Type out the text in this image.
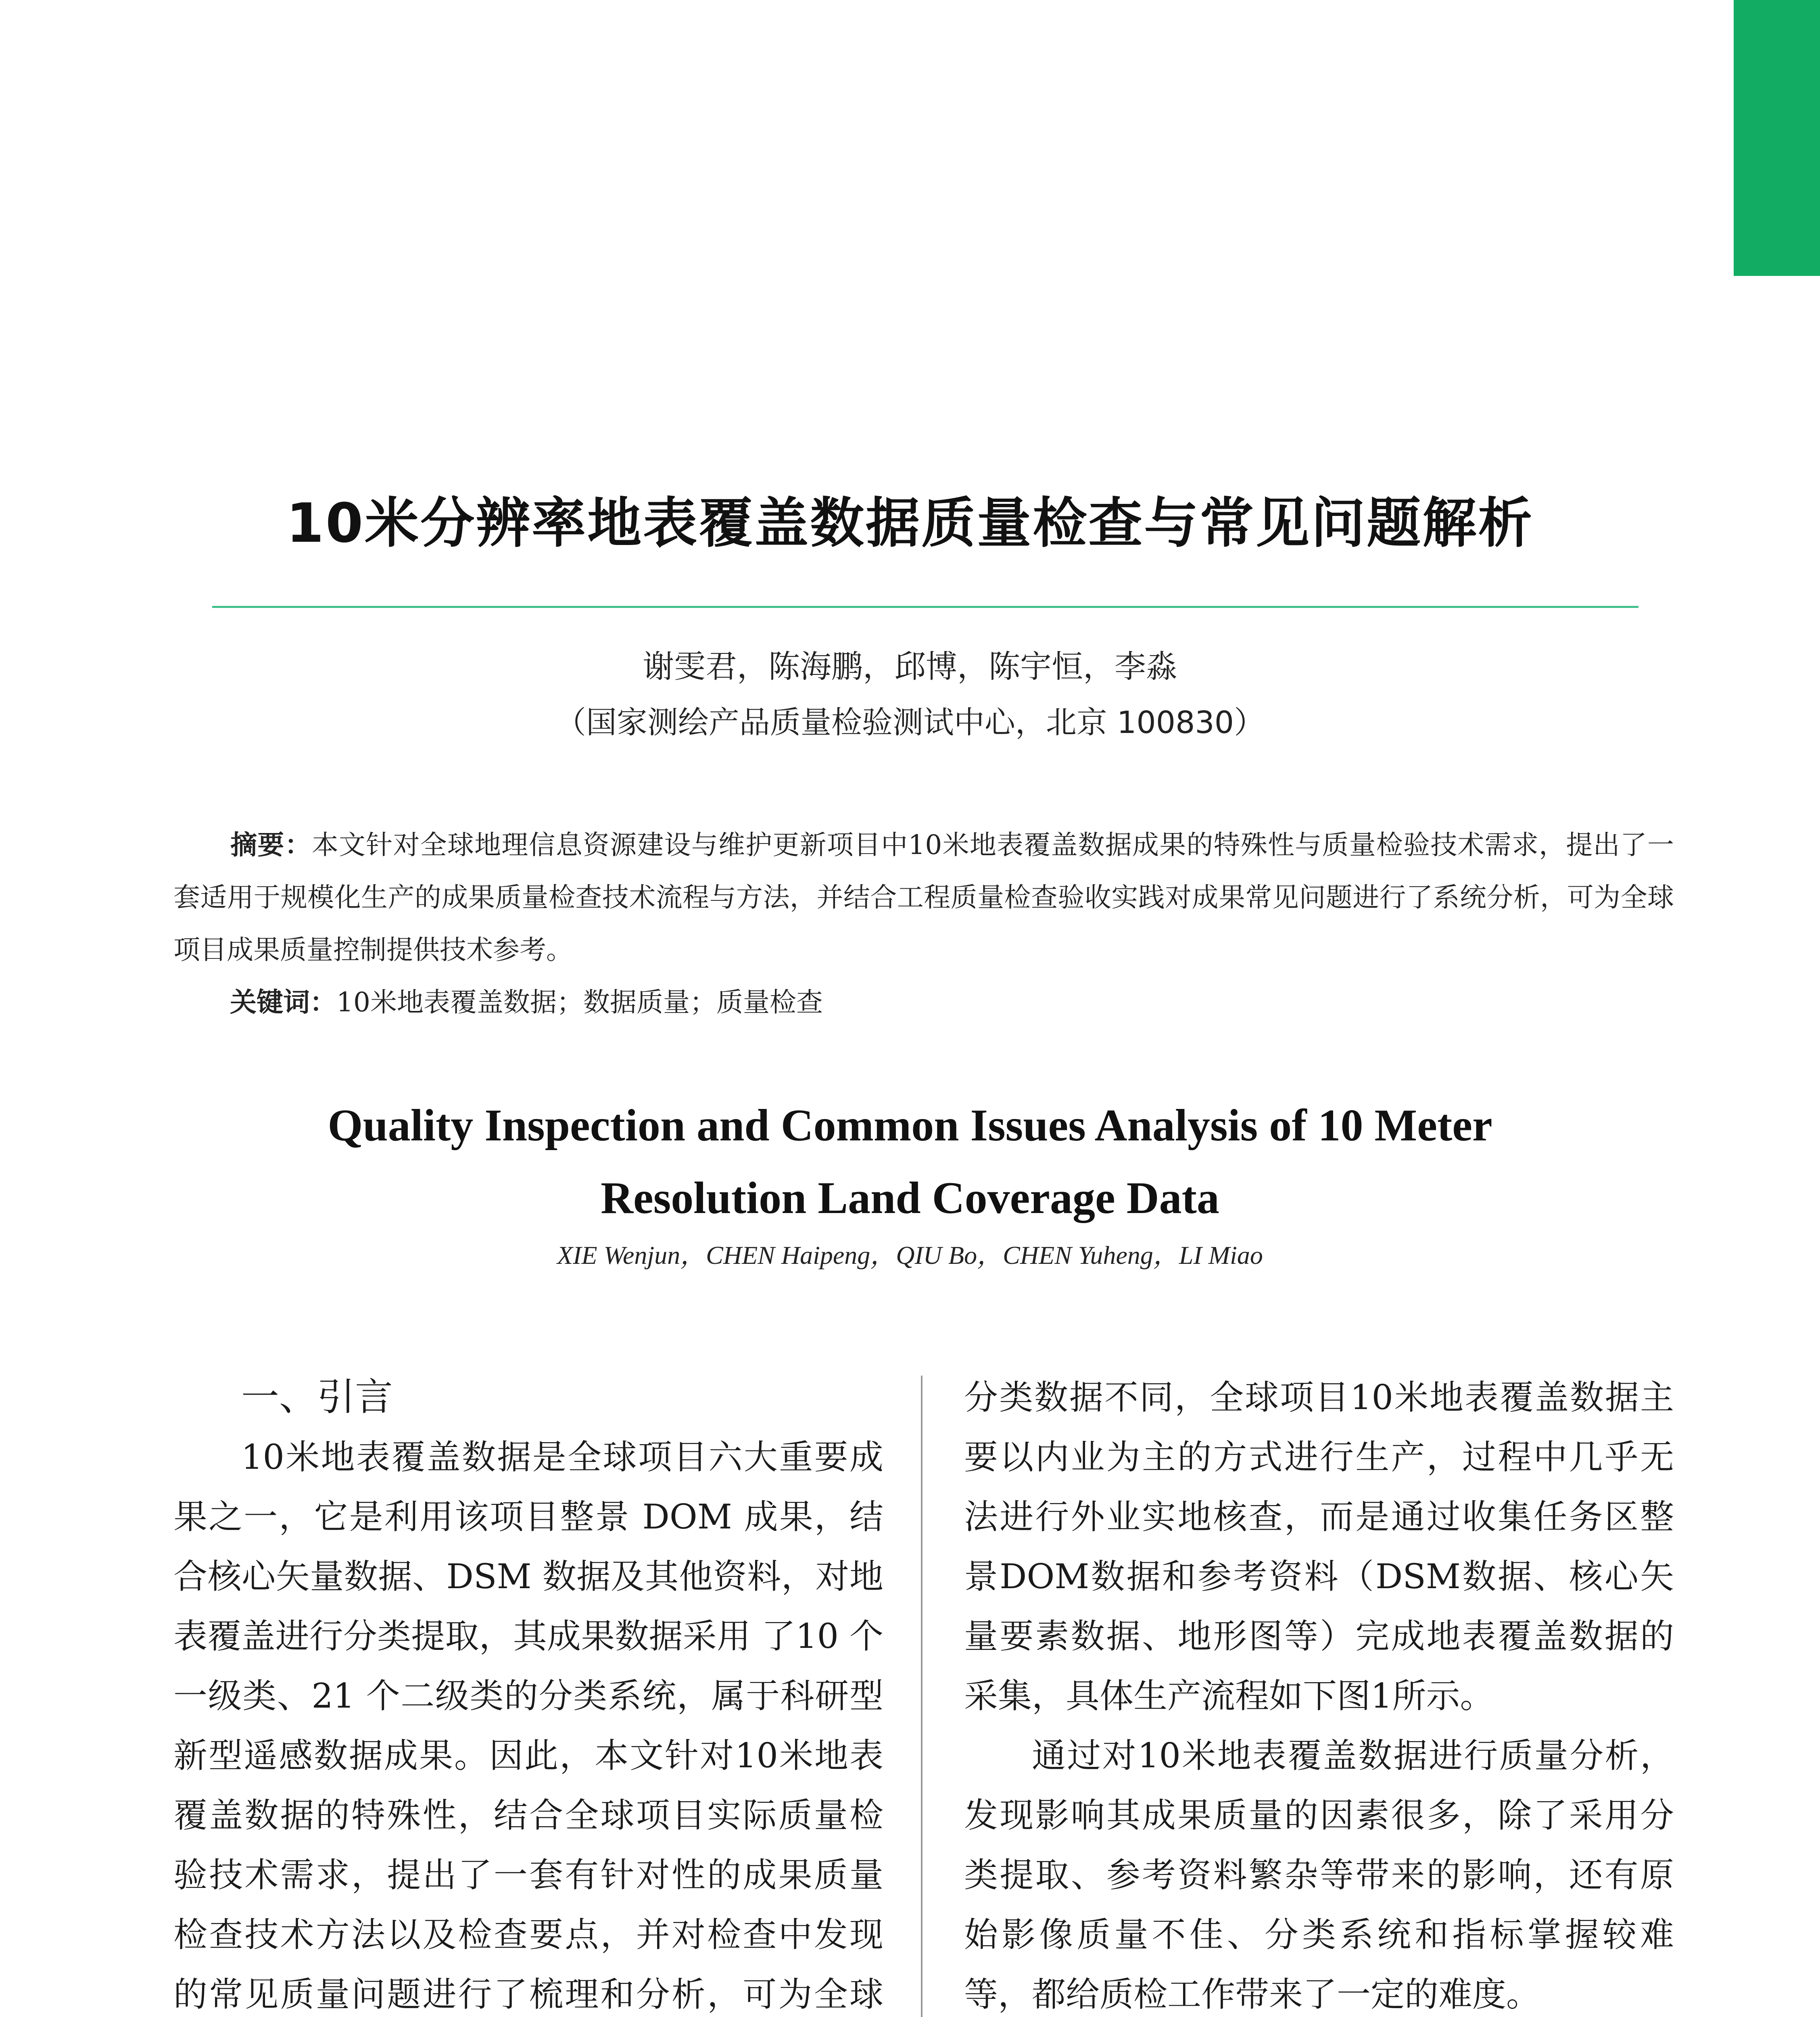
10米分辨率地表覆盖数据质量检查与常见问题解析
谢雯君，陈海鹏，邱博，陈宇恒，李淼
（国家测绘产品质量检验测试中心，北京 100830）
摘要：本文针对全球地理信息资源建设与维护更新项目中10米地表覆盖数据成果的特殊性与质量检验技术需求，提出了一套适用于规模化生产的成果质量检查技术流程与方法，并结合工程质量检查验收实践对成果常见问题进行了系统分析，可为全球项目成果质量控制提供技术参考。
关键词：10米地表覆盖数据；数据质量；质量检查
Quality Inspection and Common Issues Analysis of 10 Meter
Resolution Land Coverage Data
XIE Wenjun，CHEN Haipeng，QIU Bo，CHEN Yuheng，LI Miao

一、引言

10米地表覆盖数据是全球项目六大重要成果之一，它是利用该项目整景 DOM 成果，结合核心矢量数据、DSM 数据及其他资料，对地表覆盖进行分类提取，其成果数据采用 了10 个一级类、21 个二级类的分类系统，属于科研型新型遥感数据成果。因此，本文针对10米地表覆盖数据的特殊性，结合全球项目实际质量检验技术需求，提出了一套有针对性的成果质量检查技术方法以及检查要点，并对检查中发现的常见质量问题进行了梳理和分析，可为全球

分类数据不同，全球项目10米地表覆盖数据主要以内业为主的方式进行生产，过程中几乎无法进行外业实地核查，而是通过收集任务区整景DOM数据和参考资料（DSM数据、核心矢量要素数据、地形图等）完成地表覆盖数据的采集，具体生产流程如下图1所示。

通过对10米地表覆盖数据进行质量分析，发现影响其成果质量的因素很多，除了采用分类提取、参考资料繁杂等带来的影响，还有原始影像质量不佳、分类系统和指标掌握较难等，都给质检工作带来了一定的难度。
